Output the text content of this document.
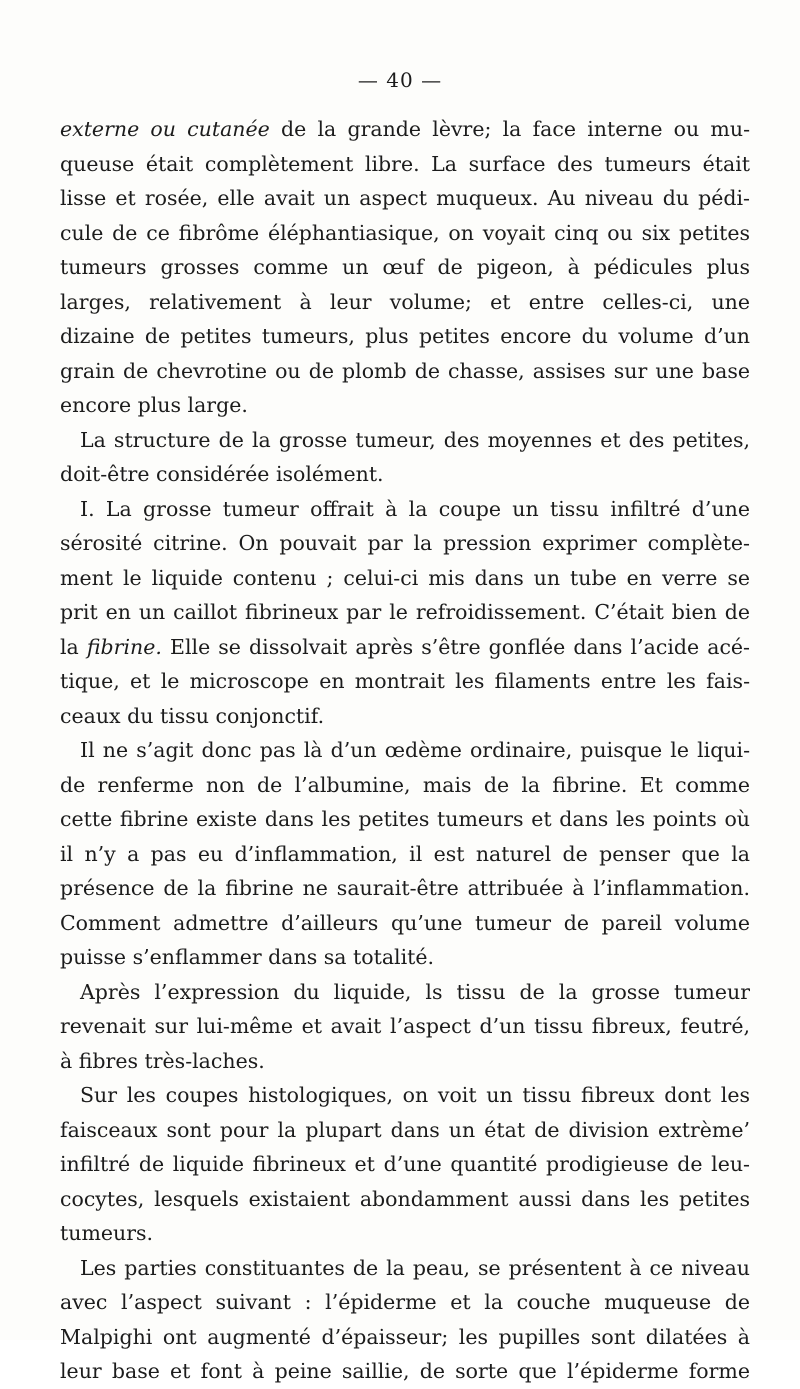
— 40 —

externe ou cutanée de la grande lèvre; la face interne ou mu-
queuse était complètement libre. La surface des tumeurs était
lisse et rosée, elle avait un aspect muqueux. Au niveau du pédi-
cule de ce fibrôme éléphantiasique, on voyait cinq ou six petites
tumeurs grosses comme un œuf de pigeon, à pédicules plus
larges, relativement à leur volume; et entre celles-ci, une
dizaine de petites tumeurs, plus petites encore du volume d’un
grain de chevrotine ou de plomb de chasse, assises sur une base
encore plus large.

La structure de la grosse tumeur, des moyennes et des petites,
doit-être considérée isolément.

I. La grosse tumeur offrait à la coupe un tissu infiltré d’une
sérosité citrine. On pouvait par la pression exprimer complète-
ment le liquide contenu ; celui-ci mis dans un tube en verre se
prit en un caillot fibrineux par le refroidissement. C’était bien de
la fibrine. Elle se dissolvait après s’être gonflée dans l’acide acé-
tique, et le microscope en montrait les filaments entre les fais-
ceaux du tissu conjonctif.

Il ne s’agit donc pas là d’un œdème ordinaire, puisque le liqui-
de renferme non de l’albumine, mais de la fibrine. Et comme
cette fibrine existe dans les petites tumeurs et dans les points où
il n’y a pas eu d’inflammation, il est naturel de penser que la
présence de la fibrine ne saurait-être attribuée à l’inflammation.
Comment admettre d’ailleurs qu’une tumeur de pareil volume
puisse s’enflammer dans sa totalité.

Après l’expression du liquide, ls tissu de la grosse tumeur
revenait sur lui-même et avait l’aspect d’un tissu fibreux, feutré,
à fibres très-laches.

Sur les coupes histologiques, on voit un tissu fibreux dont les
faisceaux sont pour la plupart dans un état de division extrème’
infiltré de liquide fibrineux et d’une quantité prodigieuse de leu-
cocytes, lesquels existaient abondamment aussi dans les petites
tumeurs.

Les parties constituantes de la peau, se présentent à ce niveau
avec l’aspect suivant : l’épiderme et la couche muqueuse de
Malpighi ont augmenté d’épaisseur; les pupilles sont dilatées à
leur base et font à peine saillie, de sorte que l’épiderme forme
